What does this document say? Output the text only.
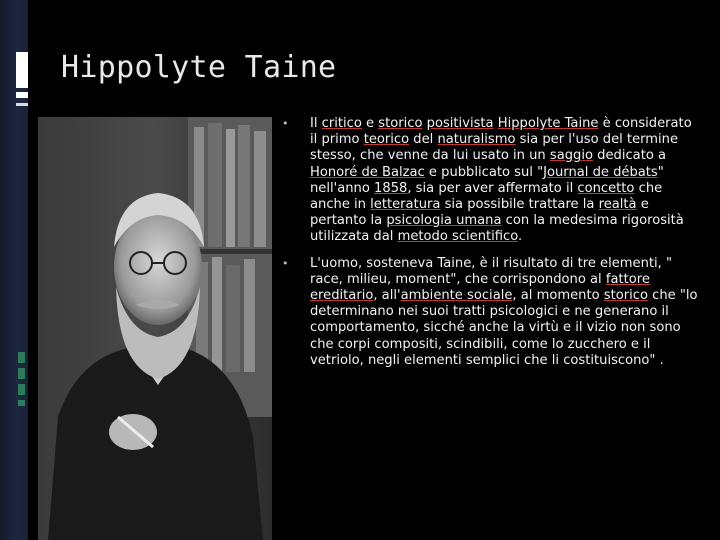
Hippolyte Taine
• Il critico e storico positivista Hippolyte Taine è considerato il primo teorico del naturalismo sia per l'uso del termine stesso, che venne da lui usato in un saggio dedicato a Honoré de Balzac e pubblicato sul "Journal de débats" nell'anno 1858, sia per aver affermato il concetto che anche in letteratura sia possibile trattare la realtà e pertanto la psicologia umana con la medesima rigorosità utilizzata dal metodo scientifico.
• L'uomo, sosteneva Taine, è il risultato di tre elementi, " race, milieu, moment", che corrispondono al fattore ereditario, all'ambiente sociale, al momento storico che "lo determinano nei suoi tratti psicologici e ne generano il comportamento, sicché anche la virtù e il vizio non sono che corpi compositi, scindibili, come lo zucchero e il vetriolo, negli elementi semplici che li costituiscono" .
